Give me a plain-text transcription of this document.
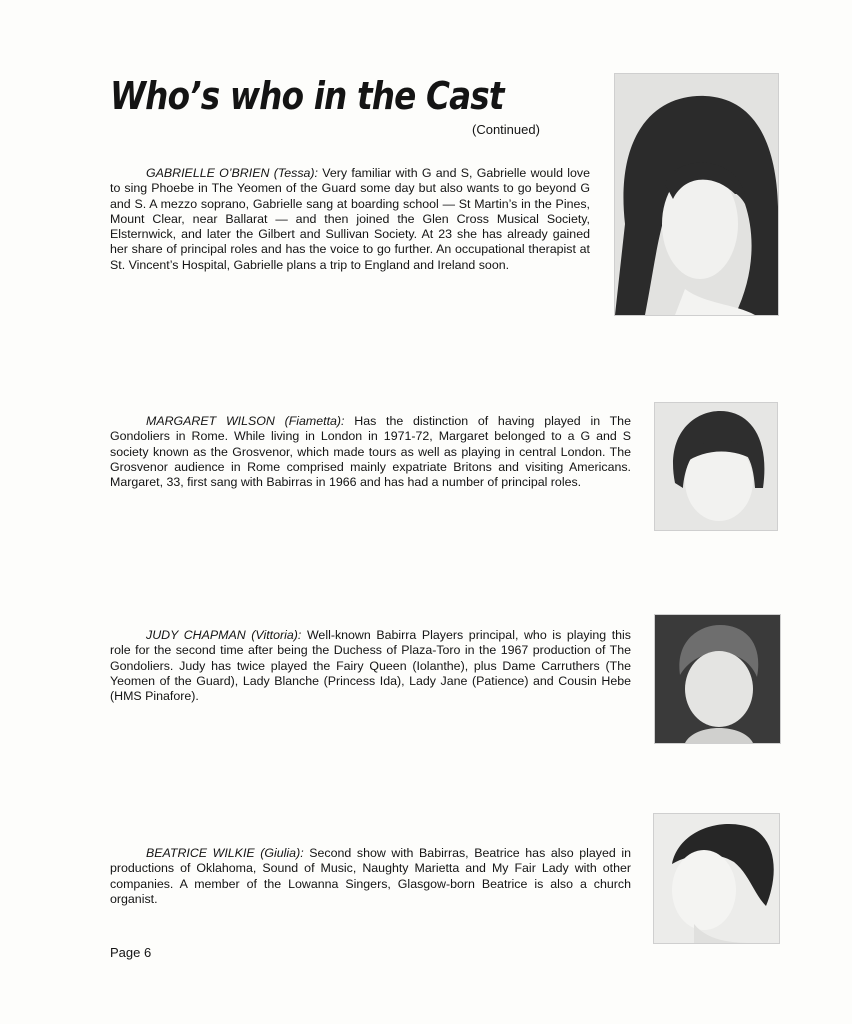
Who’s who in the Cast
(Continued)

GABRIELLE O’BRIEN (Tessa): Very familiar with G and S, Gabrielle would love to sing Phoebe in The Yeomen of the Guard some day but also wants to go beyond G and S. A mezzo soprano, Gabrielle sang at boarding school — St Martin’s in the Pines, Mount Clear, near Ballarat — and then joined the Glen Cross Musical Society, Elsternwick, and later the Gilbert and Sullivan Society. At 23 she has already gained her share of principal roles and has the voice to go further. An occupational therapist at St. Vincent’s Hospital, Gabrielle plans a trip to England and Ireland soon.

MARGARET WILSON (Fiametta): Has the distinction of having played in The Gondoliers in Rome. While living in London in 1971-72, Margaret belonged to a G and S society known as the Grosvenor, which made tours as well as playing in central London. The Grosvenor audience in Rome comprised mainly expatriate Britons and visiting Americans. Margaret, 33, first sang with Babirras in 1966 and has had a number of principal roles.

JUDY CHAPMAN (Vittoria): Well-known Babirra Players principal, who is playing this role for the second time after being the Duchess of Plaza-Toro in the 1967 production of The Gondoliers. Judy has twice played the Fairy Queen (Iolanthe), plus Dame Carruthers (The Yeomen of the Guard), Lady Blanche (Princess Ida), Lady Jane (Patience) and Cousin Hebe (HMS Pinafore).

BEATRICE WILKIE (Giulia): Second show with Babirras, Beatrice has also played in productions of Oklahoma, Sound of Music, Naughty Marietta and My Fair Lady with other companies. A member of the Lowanna Singers, Glasgow-born Beatrice is also a church organist.

Page 6
